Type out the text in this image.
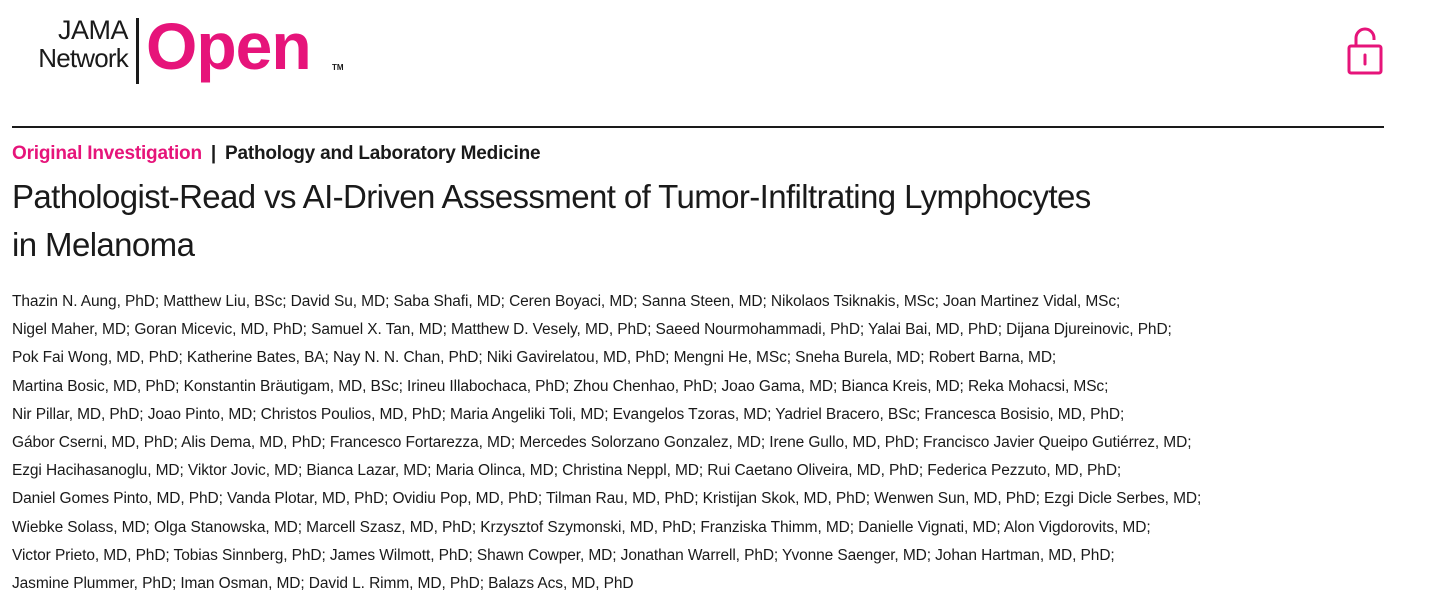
JAMA
Network Open	TM
Original Investigation | Pathology and Laboratory Medicine
Pathologist-Read vs AI-Driven Assessment of Tumor-Infiltrating Lymphocytes
in Melanoma
Thazin N. Aung, PhD; Matthew Liu, BSc; David Su, MD; Saba Shafi, MD; Ceren Boyaci, MD; Sanna Steen, MD; Nikolaos Tsiknakis, MSc; Joan Martinez Vidal, MSc;
Nigel Maher, MD; Goran Micevic, MD, PhD; Samuel X. Tan, MD; Matthew D. Vesely, MD, PhD; Saeed Nourmohammadi, PhD; Yalai Bai, MD, PhD; Dijana Djureinovic, PhD;
Pok Fai Wong, MD, PhD; Katherine Bates, BA; Nay N. N. Chan, PhD; Niki Gavirelatou, MD, PhD; Mengni He, MSc; Sneha Burela, MD; Robert Barna, MD;
Martina Bosic, MD, PhD; Konstantin Bräutigam, MD, BSc; Irineu Illabochaca, PhD; Zhou Chenhao, PhD; Joao Gama, MD; Bianca Kreis, MD; Reka Mohacsi, MSc;
Nir Pillar, MD, PhD; Joao Pinto, MD; Christos Poulios, MD, PhD; Maria Angeliki Toli, MD; Evangelos Tzoras, MD; Yadriel Bracero, BSc; Francesca Bosisio, MD, PhD;
Gábor Cserni, MD, PhD; Alis Dema, MD, PhD; Francesco Fortarezza, MD; Mercedes Solorzano Gonzalez, MD; Irene Gullo, MD, PhD; Francisco Javier Queipo Gutiérrez, MD;
Ezgi Hacihasanoglu, MD; Viktor Jovic, MD; Bianca Lazar, MD; Maria Olinca, MD; Christina Neppl, MD; Rui Caetano Oliveira, MD, PhD; Federica Pezzuto, MD, PhD;
Daniel Gomes Pinto, MD, PhD; Vanda Plotar, MD, PhD; Ovidiu Pop, MD, PhD; Tilman Rau, MD, PhD; Kristijan Skok, MD, PhD; Wenwen Sun, MD, PhD; Ezgi Dicle Serbes, MD;
Wiebke Solass, MD; Olga Stanowska, MD; Marcell Szasz, MD, PhD; Krzysztof Szymonski, MD, PhD; Franziska Thimm, MD; Danielle Vignati, MD; Alon Vigdorovits, MD;
Victor Prieto, MD, PhD; Tobias Sinnberg, PhD; James Wilmott, PhD; Shawn Cowper, MD; Jonathan Warrell, PhD; Yvonne Saenger, MD; Johan Hartman, MD, PhD;
Jasmine Plummer, PhD; Iman Osman, MD; David L. Rimm, MD, PhD; Balazs Acs, MD, PhD
